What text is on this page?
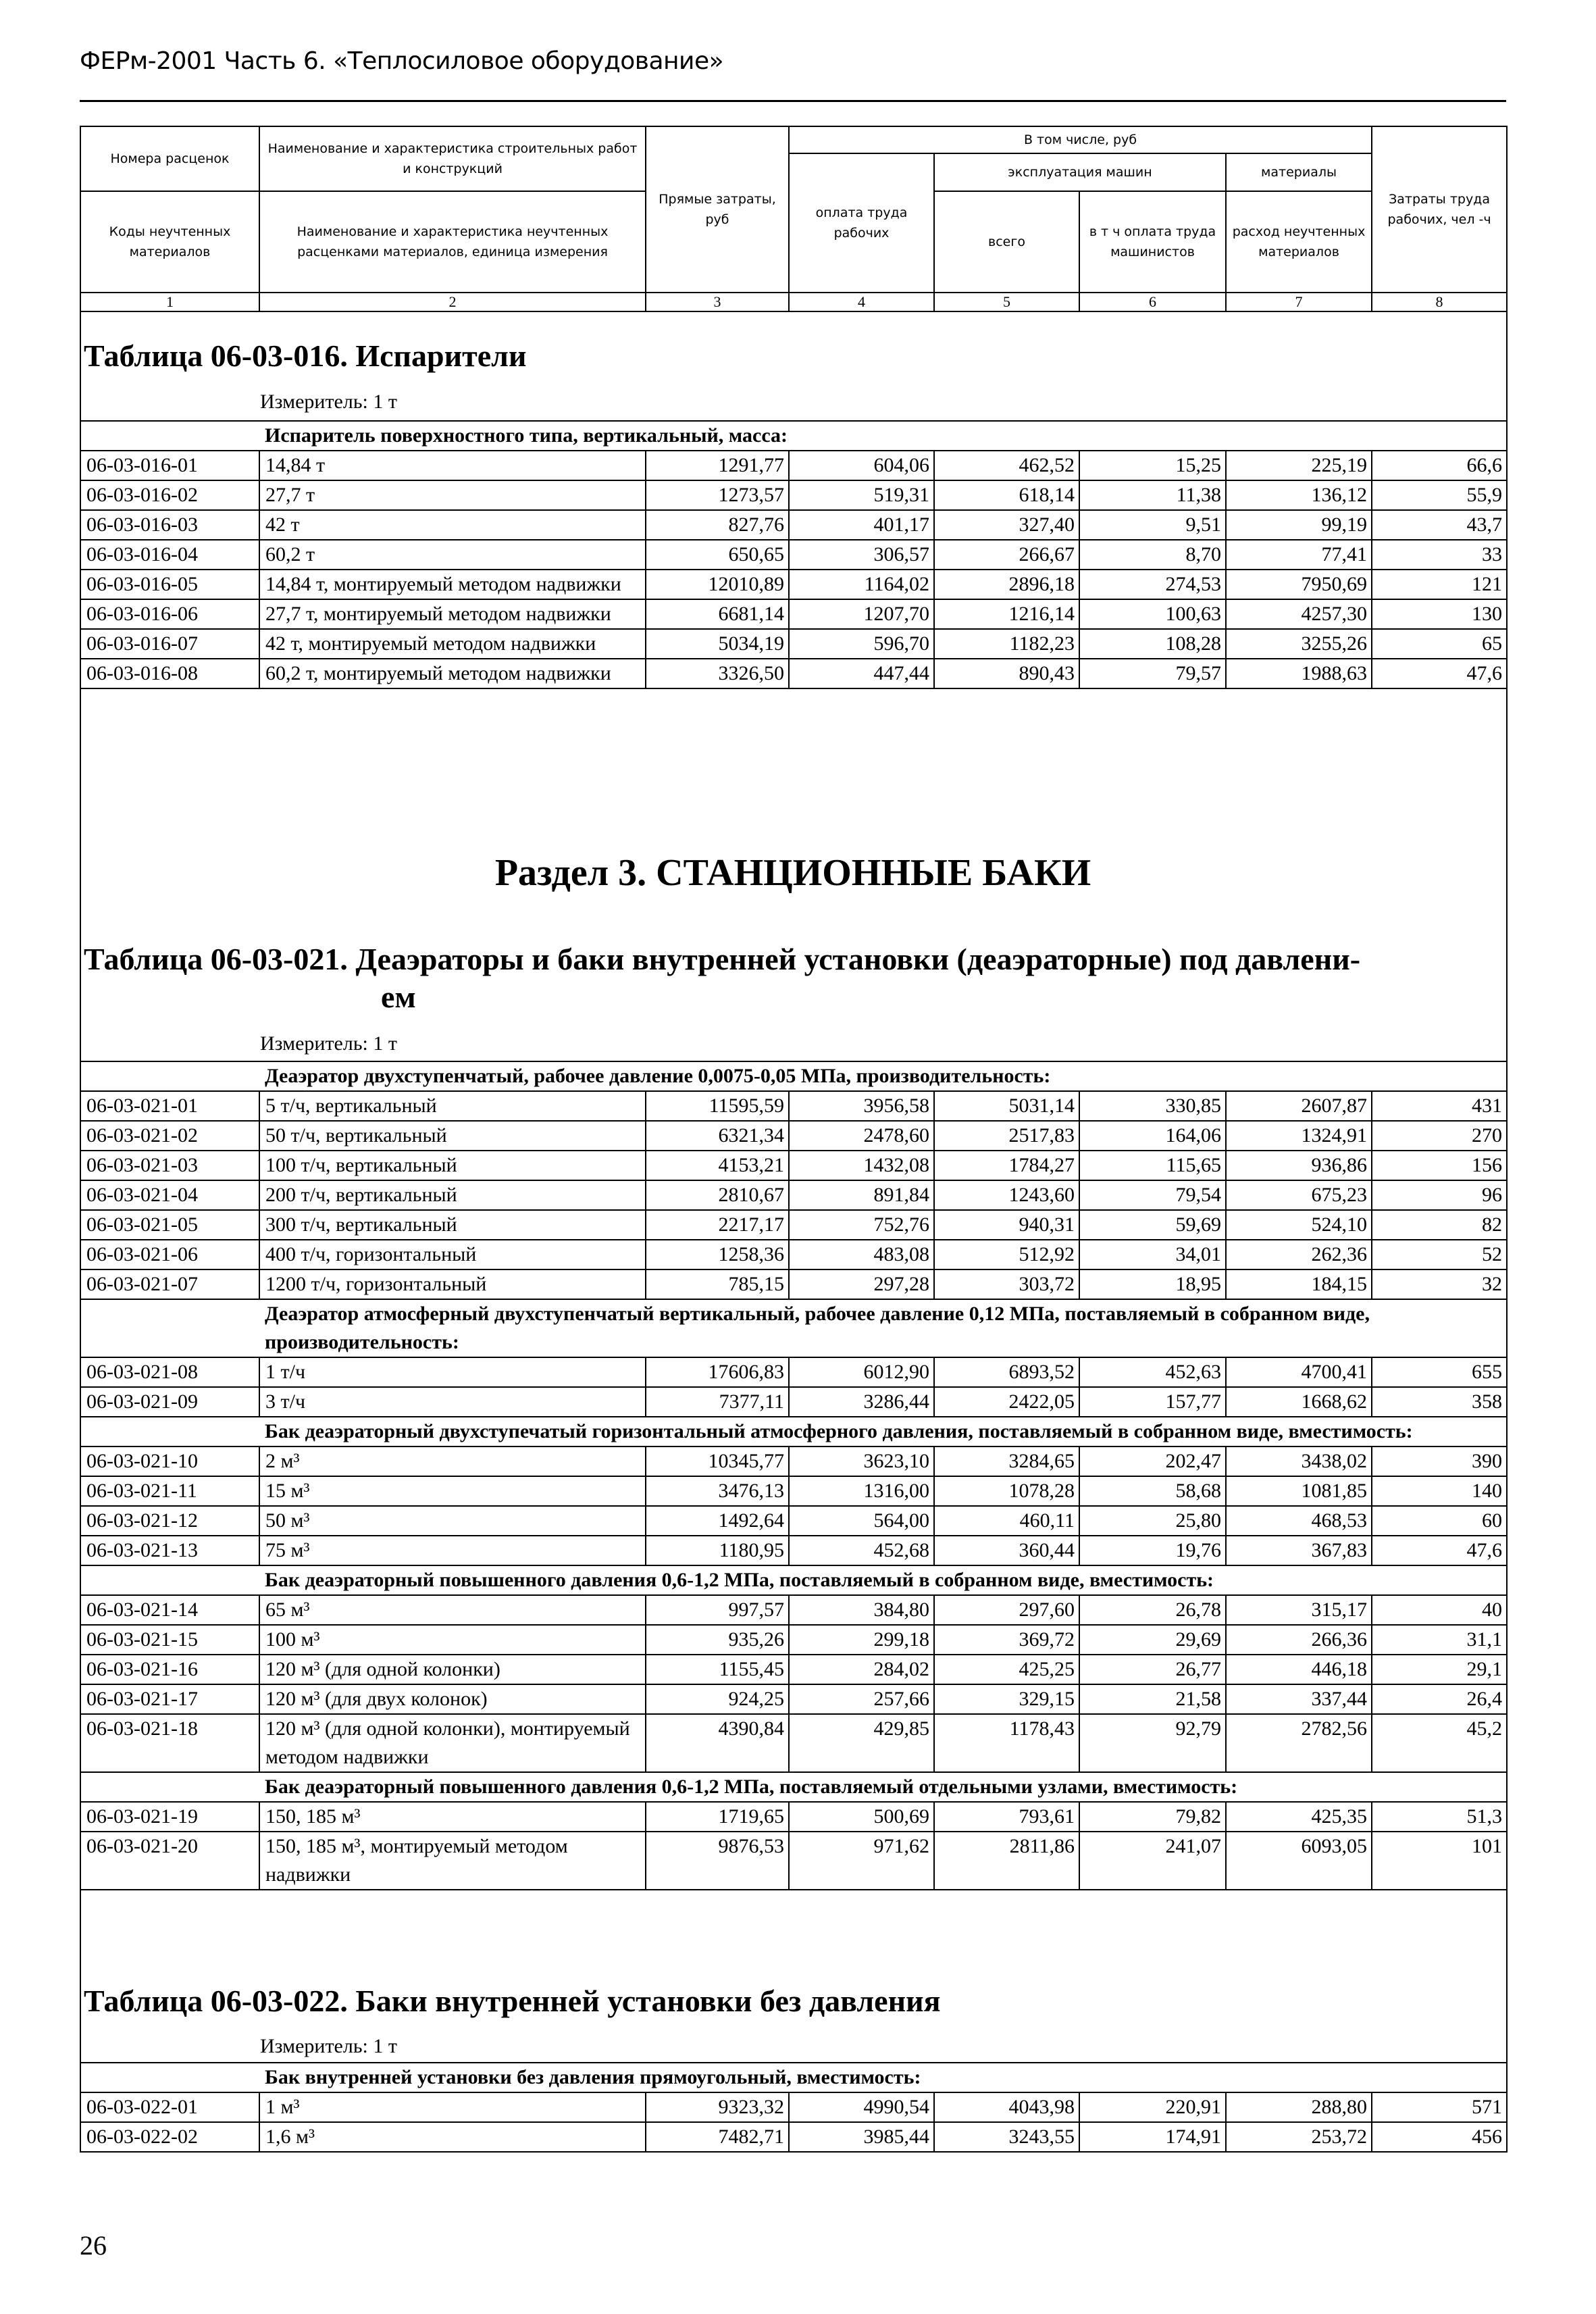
ФЕРм-2001 Часть 6. «Теплосиловое оборудование»
Номера расценок	Наименование и характеристика строительных работ и конструкций	Прямые затраты, руб	В том числе, руб				Затраты труда рабочих, чел -ч
			оплата труда рабочих	эксплуатация машин		материалы	
Коды неучтенных материалов	Наименование и характеристика неучтенных расценками материалов, единица измерения			всего	в т ч оплата труда машинистов	расход неучтенных материалов	

1	2	3	4	5	6	7	8
Таблица 06-03-016. Испарители
Измеритель: 1 т
	Испаритель поверхностного типа, вертикальный, масса:						
06-03-016-01	14,84 т	1291,77	604,06	462,52	15,25	225,19	66,6
06-03-016-02	27,7 т	1273,57	519,31	618,14	11,38	136,12	55,9
06-03-016-03	42 т	827,76	401,17	327,40	9,51	99,19	43,7
06-03-016-04	60,2 т	650,65	306,57	266,67	8,70	77,41	33
06-03-016-05	14,84 т, монтируемый методом надвижки	12010,89	1164,02	2896,18	274,53	7950,69	121
06-03-016-06	27,7 т, монтируемый методом надвижки	6681,14	1207,70	1216,14	100,63	4257,30	130
06-03-016-07	42 т, монтируемый методом надвижки	5034,19	596,70	1182,23	108,28	3255,26	65
06-03-016-08	60,2 т, монтируемый методом надвижки	3326,50	447,44	890,43	79,57	1988,63	47,6
Раздел 3. СТАНЦИОННЫЕ БАКИ
Таблица 06-03-021. Деаэраторы и баки внутренней установки (деаэраторные) под давлени-
ем
Измеритель: 1 т
	Деаэратор двухступенчатый, рабочее давление 0,0075-0,05 МПа, производительность:						
06-03-021-01	5 т/ч, вертикальный	11595,59	3956,58	5031,14	330,85	2607,87	431
06-03-021-02	50 т/ч, вертикальный	6321,34	2478,60	2517,83	164,06	1324,91	270
06-03-021-03	100 т/ч, вертикальный	4153,21	1432,08	1784,27	115,65	936,86	156
06-03-021-04	200 т/ч, вертикальный	2810,67	891,84	1243,60	79,54	675,23	96
06-03-021-05	300 т/ч, вертикальный	2217,17	752,76	940,31	59,69	524,10	82
06-03-021-06	400 т/ч, горизонтальный	1258,36	483,08	512,92	34,01	262,36	52
06-03-021-07	1200 т/ч, горизонтальный	785,15	297,28	303,72	18,95	184,15	32
	Деаэратор атмосферный двухступенчатый вертикальный, рабочее давление 0,12 МПа, поставляемый в собранном виде, производительность:						
06-03-021-08	1 т/ч	17606,83	6012,90	6893,52	452,63	4700,41	655
06-03-021-09	3 т/ч	7377,11	3286,44	2422,05	157,77	1668,62	358
	Бак деаэраторный двухступечатый горизонтальный атмосферного давления, поставляемый в собранном виде, вместимость:						
06-03-021-10	2 м³	10345,77	3623,10	3284,65	202,47	3438,02	390
06-03-021-11	15 м³	3476,13	1316,00	1078,28	58,68	1081,85	140
06-03-021-12	50 м³	1492,64	564,00	460,11	25,80	468,53	60
06-03-021-13	75 м³	1180,95	452,68	360,44	19,76	367,83	47,6
	Бак деаэраторный повышенного давления 0,6-1,2 МПа, поставляемый в собранном виде, вместимость:						
06-03-021-14	65 м³	997,57	384,80	297,60	26,78	315,17	40
06-03-021-15	100 м³	935,26	299,18	369,72	29,69	266,36	31,1
06-03-021-16	120 м³ (для одной колонки)	1155,45	284,02	425,25	26,77	446,18	29,1
06-03-021-17	120 м³ (для двух колонок)	924,25	257,66	329,15	21,58	337,44	26,4
06-03-021-18	120 м³ (для одной колонки), монтируемый методом надвижки	4390,84	429,85	1178,43	92,79	2782,56	45,2
	Бак деаэраторный повышенного давления 0,6-1,2 МПа, поставляемый отдельными узлами, вместимость:						
06-03-021-19	150, 185 м³	1719,65	500,69	793,61	79,82	425,35	51,3
06-03-021-20	150, 185 м³, монтируемый методом надвижки	9876,53	971,62	2811,86	241,07	6093,05	101
Таблица 06-03-022. Баки внутренней установки без давления
Измеритель: 1 т
	Бак внутренней установки без давления прямоугольный, вместимость:						
06-03-022-01	1 м³	9323,32	4990,54	4043,98	220,91	288,80	571
06-03-022-02	1,6 м³	7482,71	3985,44	3243,55	174,91	253,72	456
26
